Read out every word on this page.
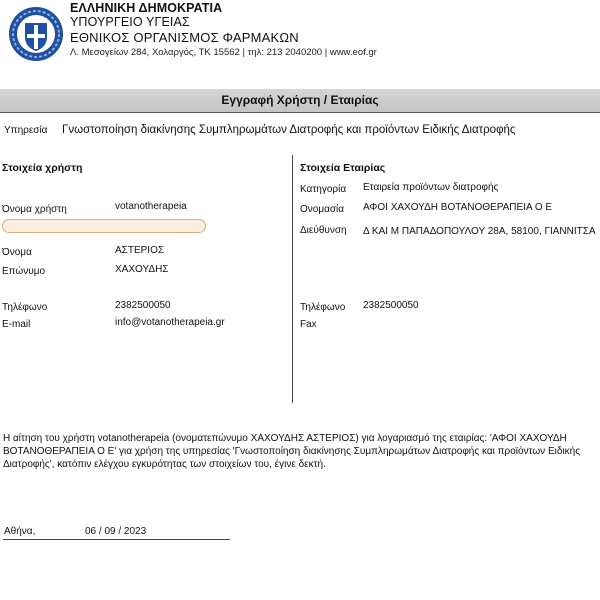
ΕΛΛΗΝΙΚΗ ΔΗΜΟΚΡΑΤΙΑ
ΥΠΟΥΡΓΕΙΟ ΥΓΕΙΑΣ
ΕΘΝΙΚΟΣ ΟΡΓΑΝΙΣΜΟΣ ΦΑΡΜΑΚΩΝ
Λ. Μεσογείων 284, Χολαργός, ΤΚ 15562 | τηλ: 213 2040200 | www.eof.gr
Εγγραφή Χρήστη / Εταιρίας
Υπηρεσία Γνωστοποίηση διακίνησης Συμπληρωμάτων Διατροφής και προϊόντων Ειδικής Διατροφής
Στοιχεία χρήστη
Όνομα χρήστη	votanotherapeia
Όνομα	ΑΣΤΕΡΙΟΣ
Επώνυμο	ΧΑΧΟΥΔΗΣ
Τηλέφωνο	2382500050
E-mail	info@votanotherapeia.gr
Στοιχεία Εταιρίας
Κατηγορία Εταιρεία προϊόντων διατροφής
Ονομασία ΑΦΟΙ ΧΑΧΟΥΔΗ ΒΟΤΑΝΟΘΕΡΑΠΕΙΑ Ο Ε
Διεύθυνση Δ ΚΑΙ Μ ΠΑΠΑΔΟΠΟΥΛΟΥ 28Α, 58100, ΓΙΑΝΝΙΤΣΑ
Τηλέφωνο 2382500050
Fax
Η αίτηση του χρήστη votanotherapeia (ονοματεπώνυμο ΧΑΧΟΥΔΗΣ ΑΣΤΕΡΙΟΣ) για λογαριασμό της εταιρίας: 'ΑΦΟΙ ΧΑΧΟΥΔΗ ΒΟΤΑΝΟΘΕΡΑΠΕΙΑ Ο Ε' για χρήση της υπηρεσίας 'Γνωστοποίηση διακίνησης Συμπληρωμάτων Διατροφής και προϊόντων Ειδικής Διατροφής', κατόπιν ελέγχου εγκυρότητας των στοιχείων του, έγινε δεκτή.
Αθήνα,	06 / 09 / 2023
